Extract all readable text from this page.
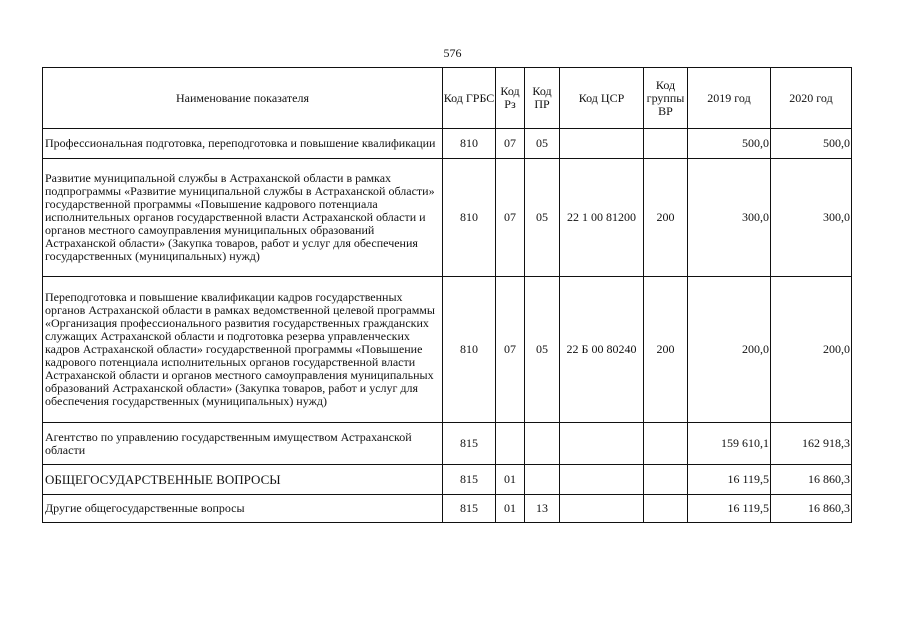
576
Наименование показателя	Код ГРБС	Код Рз	Код ПР	Код ЦСР	Код группы ВР	2019 год	2020 год
Профессиональная подготовка, переподготовка и повышение квалификации	810	07	05			500,0	500,0
Развитие муниципальной службы в Астраханской области в рамках подпрограммы «Развитие муниципальной службы в Астраханской области» государственной программы «Повышение кадрового потенциала исполнительных органов государственной власти Астраханской области и органов местного самоуправления муниципальных образований Астраханской области» (Закупка товаров, работ и услуг для обеспечения государственных (муниципальных) нужд)	810	07	05	22 1 00 81200	200	300,0	300,0
Переподготовка и повышение квалификации кадров государственных органов Астраханской области в рамках ведомственной целевой программы «Организация профессионального развития государственных гражданских служащих Астраханской области и подготовка резерва управленческих кадров Астраханской области» государственной программы «Повышение кадрового потенциала исполнительных органов государственной власти Астраханской области и органов местного самоуправления муниципальных образований Астраханской области» (Закупка товаров, работ и услуг для обеспечения государственных (муниципальных) нужд)	810	07	05	22 Б 00 80240	200	200,0	200,0
Агентство по управлению государственным имуществом Астраханской области	815					159 610,1	162 918,3
ОБЩЕГОСУДАРСТВЕННЫЕ ВОПРОСЫ	815	01				16 119,5	16 860,3
Другие общегосударственные вопросы	815	01	13			16 119,5	16 860,3
